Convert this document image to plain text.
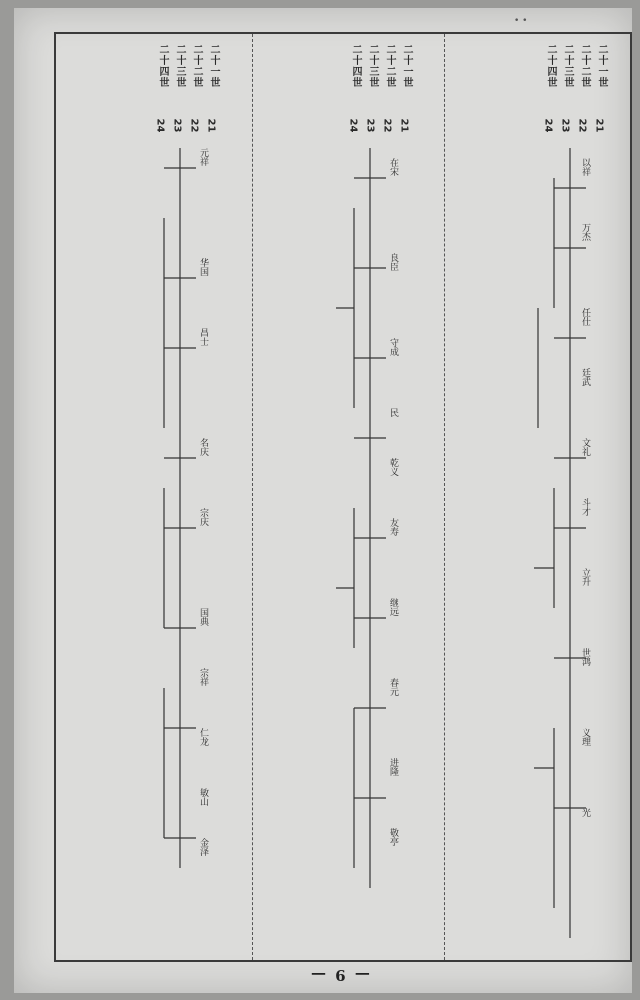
• •
二十一世
二十二世
二十三世
二十四世
二十一世
二十二世
二十三世
二十四世
二十一世
二十二世
二十三世
二十四世
21
22
23
24
21
22
23
24
21
22
23
24
以祥
万杰
任仕
廷武
文礼
斗才
立升
世鸿
义理
光
在宋
良臣
守成
民
乾义
友寿
继远
春元
进隆
敬亭
元祥
华国
昌士
名庆
宗庆
国典
宗祥
仁龙
敏山
金泽
— 9 —
